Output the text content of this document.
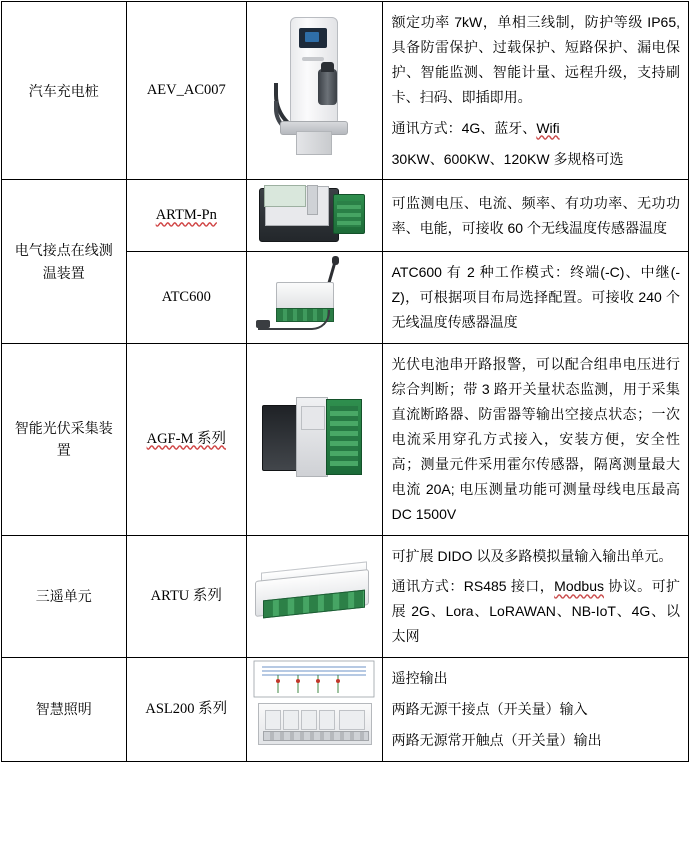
汽车充电桩	AEV_AC007		额定功率 7kW，单相三线制，防护等级 IP65,具备防雷保护、过载保护、短路保护、漏电保护、智能监测、智能计量、远程升级，支持刷卡、扫码、即插即用。

通讯方式：4G、蓝牙、Wifi

30KW、600KW、120KW 多规格可选

电气接点在线测温装置	ARTM-Pn		可监测电压、电流、频率、有功功率、无功功率、电能，可接收 60 个无线温度传感器温度

	ATC600		ATC600 有 2 种工作模式：终端(-C)、中继(-Z)，可根据项目布局选择配置。可接收 240 个无线温度传感器温度

智能光伏采集装置	AGF-M 系列		光伏电池串开路报警，可以配合组串电压进行综合判断；带 3 路开关量状态监测，用于采集直流断路器、防雷器等输出空接点状态；一次电流采用穿孔方式接入，安装方便，安全性高；测量元件采用霍尔传感器，隔离测量最大电流 20A; 电压测量功能可测量母线电压最高 DC 1500V

三遥单元	ARTU 系列		可扩展 DIDO 以及多路模拟量输入输出单元。

通讯方式：RS485 接口，Modbus 协议。可扩展 2G、Lora、LoRAWAN、NB-IoT、4G、以太网

智慧照明	ASL200 系列		遥控输出

两路无源干接点（开关量）输入

两路无源常开触点（开关量）输出
